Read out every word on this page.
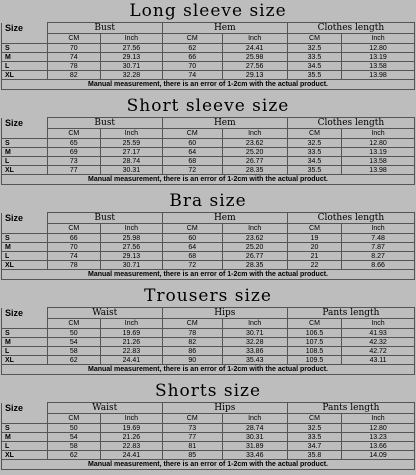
Long sleeve size
Size	Bust		Hem		Clothes length	
	CM	Inch	CM	Inch	CM	Inch
S	70	27.56	62	24.41	32.5	12.80
M	74	29.13	66	25.98	33.5	13.19
L	78	30.71	70	27.56	34.5	13.58
XL	82	32.28	74	29.13	35.5	13.98
Manual measurement, there is an error of 1-2cm with the actual product.						
Short sleeve size
Size	Bust		Hem		Clothes length	
	CM	Inch	CM	Inch	CM	Inch
S	65	25.59	60	23.62	32.5	12.80
M	69	27.17	64	25.20	33.5	13.19
L	73	28.74	68	26.77	34.5	13.58
XL	77	30.31	72	28.35	35.5	13.98
Manual measurement, there is an error of 1-2cm with the actual product.						
Bra size
Size	Bust		Hem		Clothes length	
	CM	Inch	CM	Inch	CM	Inch
S	66	25.98	60	23.62	19	7.48
M	70	27.56	64	25.20	20	7.87
L	74	29.13	68	26.77	21	8.27
XL	78	30.71	72	28.35	22	8.66
Manual measurement, there is an error of 1-2cm with the actual product.						
Trousers size
Size	Waist		Hips		Pants length	
	CM	Inch	CM	Inch	CM	Inch
S	50	19.69	78	30.71	106.5	41.93
M	54	21.26	82	32.28	107.5	42.32
L	58	22.83	86	33.86	108.5	42.72
XL	62	24.41	90	35.43	109.5	43.11
Manual measurement, there is an error of 1-2cm with the actual product.						
Shorts size
Size	Waist		Hips		Pants length	
	CM	Inch	CM	Inch	CM	Inch
S	50	19.69	73	28.74	32.5	12.80
M	54	21.26	77	30.31	33.5	13.23
L	58	22.83	81	31.89	34.7	13.66
XL	62	24.41	85	33.46	35.8	14.09
Manual measurement, there is an error of 1-2cm with the actual product.						
